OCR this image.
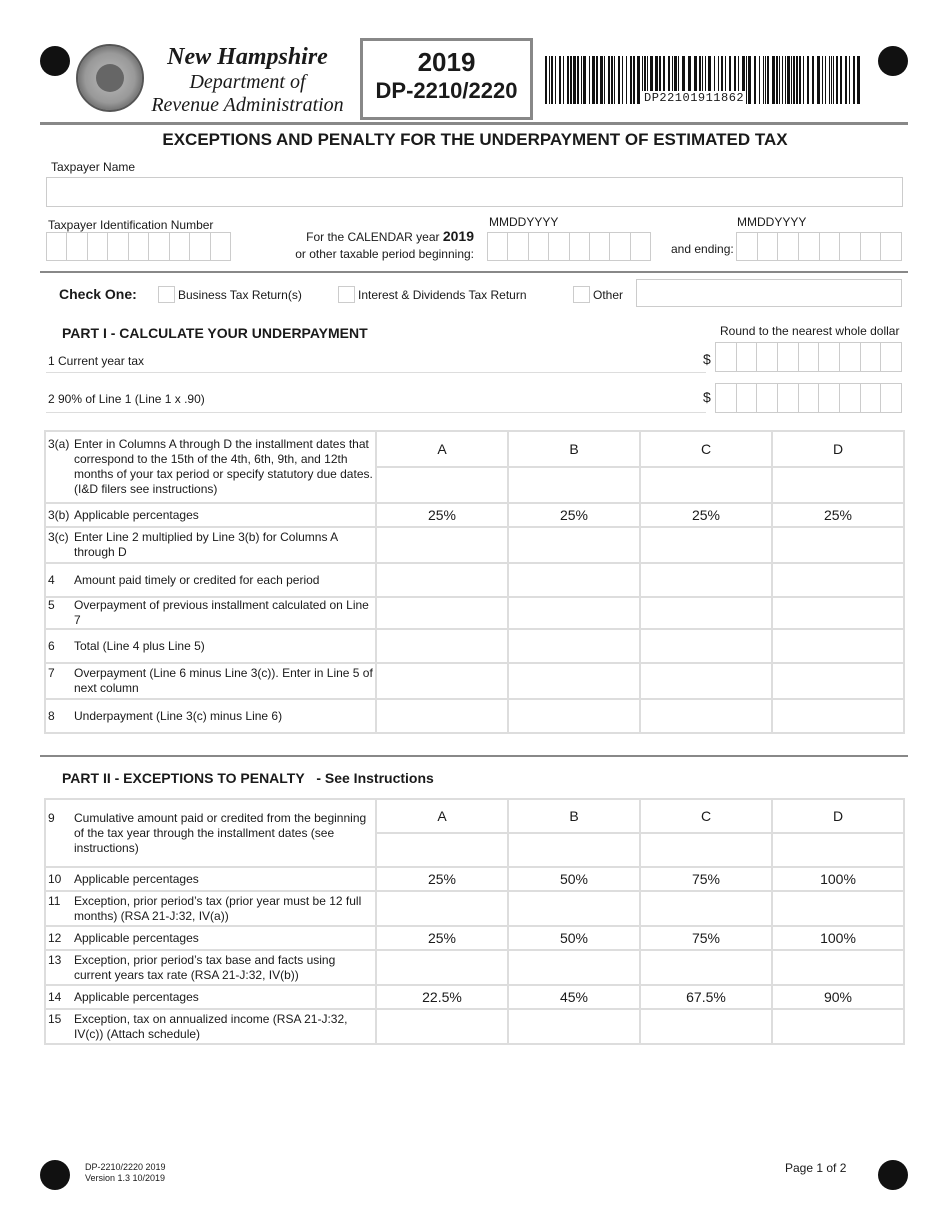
New Hampshire
Department of
Revenue Administration
2019
DP-2210/2220	DP22101911862
EXCEPTIONS AND PENALTY FOR THE UNDERPAYMENT OF ESTIMATED TAX
Taxpayer Name
Taxpayer Identification Number
For the CALENDAR year 2019
or other taxable period beginning:
MMDDYYYY
and ending:
MMDDYYYY
Check One:	Business Tax Return(s)	Interest & Dividends Tax Return	Other
PART I - CALCULATE YOUR UNDERPAYMENT	Round to the nearest whole dollar
1 Current year tax	$
2 90% of Line 1 (Line 1 x .90)	$
3(a) Enter in Columns A through D the installment dates that correspond to the 15th of the 4th, 6th, 9th, and 12th months of your tax period or specify statutory due dates. (I&D filers see instructions)	A	B	C	D

3(b) Applicable percentages	25%	25%	25%	25%

3(c) Enter Line 2 multiplied by Line 3(b) for Columns A through D				

4 Amount paid timely or credited for each period				

5 Overpayment of previous installment calculated on Line 7				

6 Total (Line 4 plus Line 5)				

7 Overpayment (Line 6 minus Line 3(c)). Enter in Line 5 of next column				

8 Underpayment (Line 3(c) minus Line 6)				

PART II - EXCEPTIONS TO PENALTY - See Instructions
9 Cumulative amount paid or credited from the beginning of the tax year through the installment dates (see instructions)	A	B	C	D

10 Applicable percentages	25%	50%	75%	100%

11 Exception, prior period’s tax (prior year must be 12 full months) (RSA 21-J:32, IV(a))				

12 Applicable percentages	25%	50%	75%	100%

13 Exception, prior period’s tax base and facts using current years tax rate (RSA 21-J:32, IV(b))				

14 Applicable percentages	22.5%	45%	67.5%	90%

15 Exception, tax on annualized income (RSA 21-J:32, IV(c)) (Attach schedule)				

DP-2210/2220 2019
Version 1.3 10/2019
Page 1 of 2
